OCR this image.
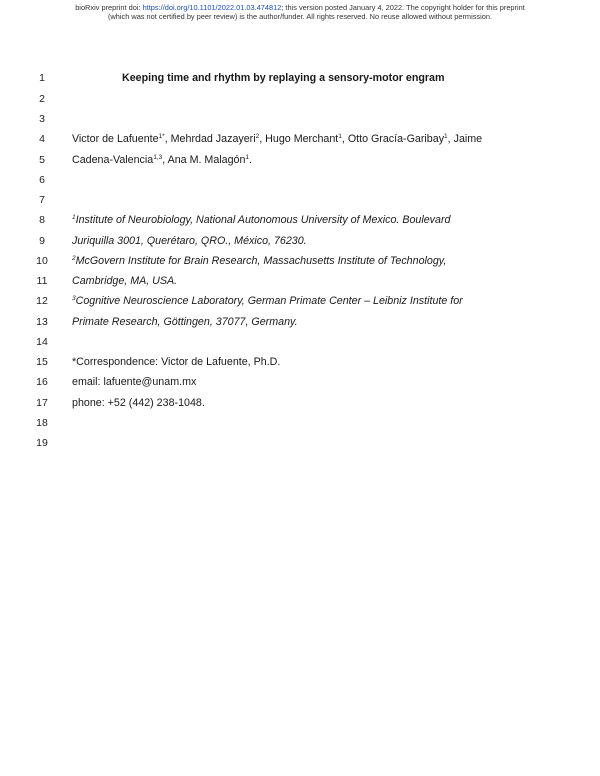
bioRxiv preprint doi: https://doi.org/10.1101/2022.01.03.474812; this version posted January 4, 2022. The copyright holder for this preprint
(which was not certified by peer review) is the author/funder. All rights reserved. No reuse allowed without permission.
1
2
3
4
5
6
7
8
9
10
11
12
13
14
15
16
17
18
19
Keeping time and rhythm by replaying a sensory-motor engram
Victor de Lafuente$^{1*}$, Mehrdad Jazayeri$^2$, Hugo Merchant$^1$, Otto Gracía-Garibay$^1$, Jaime
Cadena-Valencia$^{1,3}$, Ana M. Malagón$^1$.
$^1$Institute of Neurobiology, National Autonomous University of Mexico. Boulevard
Juriquilla 3001, Querétaro, QRO., México, 76230.
$^2$McGovern Institute for Brain Research, Massachusetts Institute of Technology,
Cambridge, MA, USA.
$^3$Cognitive Neuroscience Laboratory, German Primate Center – Leibniz Institute for
Primate Research, Göttingen, 37077, Germany.
*Correspondence: Victor de Lafuente, Ph.D.
email: lafuente@unam.mx
phone: +52 (442) 238-1048.
